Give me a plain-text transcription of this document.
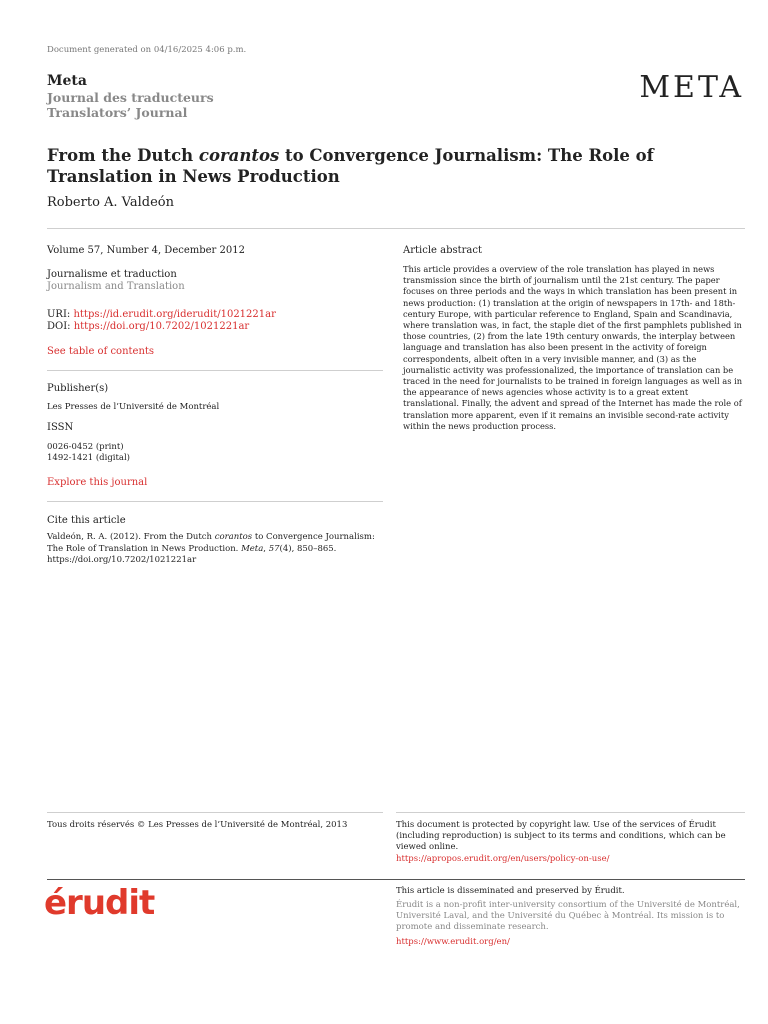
Document generated on 04/16/2025 4:06 p.m.
Meta
Journal des traducteurs
Translators’ Journal
META
From the Dutch corantos to Convergence Journalism: The Role of Translation in News Production
Roberto A. Valdeón
Volume 57, Number 4, December 2012
Journalisme et traduction
Journalism and Translation
URI: https://id.erudit.org/iderudit/1021221ar
DOI: https://doi.org/10.7202/1021221ar
See table of contents
Publisher(s)
Les Presses de l’Université de Montréal
ISSN
0026-0452 (print)
1492-1421 (digital)
Explore this journal
Cite this article
Valdeón, R. A. (2012). From the Dutch corantos to Convergence Journalism: The Role of Translation in News Production. Meta, 57(4), 850–865. https://doi.org/10.7202/1021221ar
Article abstract
This article provides a overview of the role translation has played in news transmission since the birth of journalism until the 21st century. The paper focuses on three periods and the ways in which translation has been present in news production: (1) translation at the origin of newspapers in 17th- and 18th-century Europe, with particular reference to England, Spain and Scandinavia, where translation was, in fact, the staple diet of the first pamphlets published in those countries, (2) from the late 19th century onwards, the interplay between language and translation has also been present in the activity of foreign correspondents, albeit often in a very invisible manner, and (3) as the journalistic activity was professionalized, the importance of translation can be traced in the need for journalists to be trained in foreign languages as well as in the appearance of news agencies whose activity is to a great extent translational. Finally, the advent and spread of the Internet has made the role of translation more apparent, even if it remains an invisible second-rate activity within the news production process.
Tous droits réservés © Les Presses de l’Université de Montréal, 2013	This document is protected by copyright law. Use of the services of Érudit (including reproduction) is subject to its terms and conditions, which can be viewed online.
https://apropos.erudit.org/en/users/policy-on-use/
érudit	This article is disseminated and preserved by Érudit.
Érudit is a non-profit inter-university consortium of the Université de Montréal, Université Laval, and the Université du Québec à Montréal. Its mission is to promote and disseminate research.
https://www.erudit.org/en/
